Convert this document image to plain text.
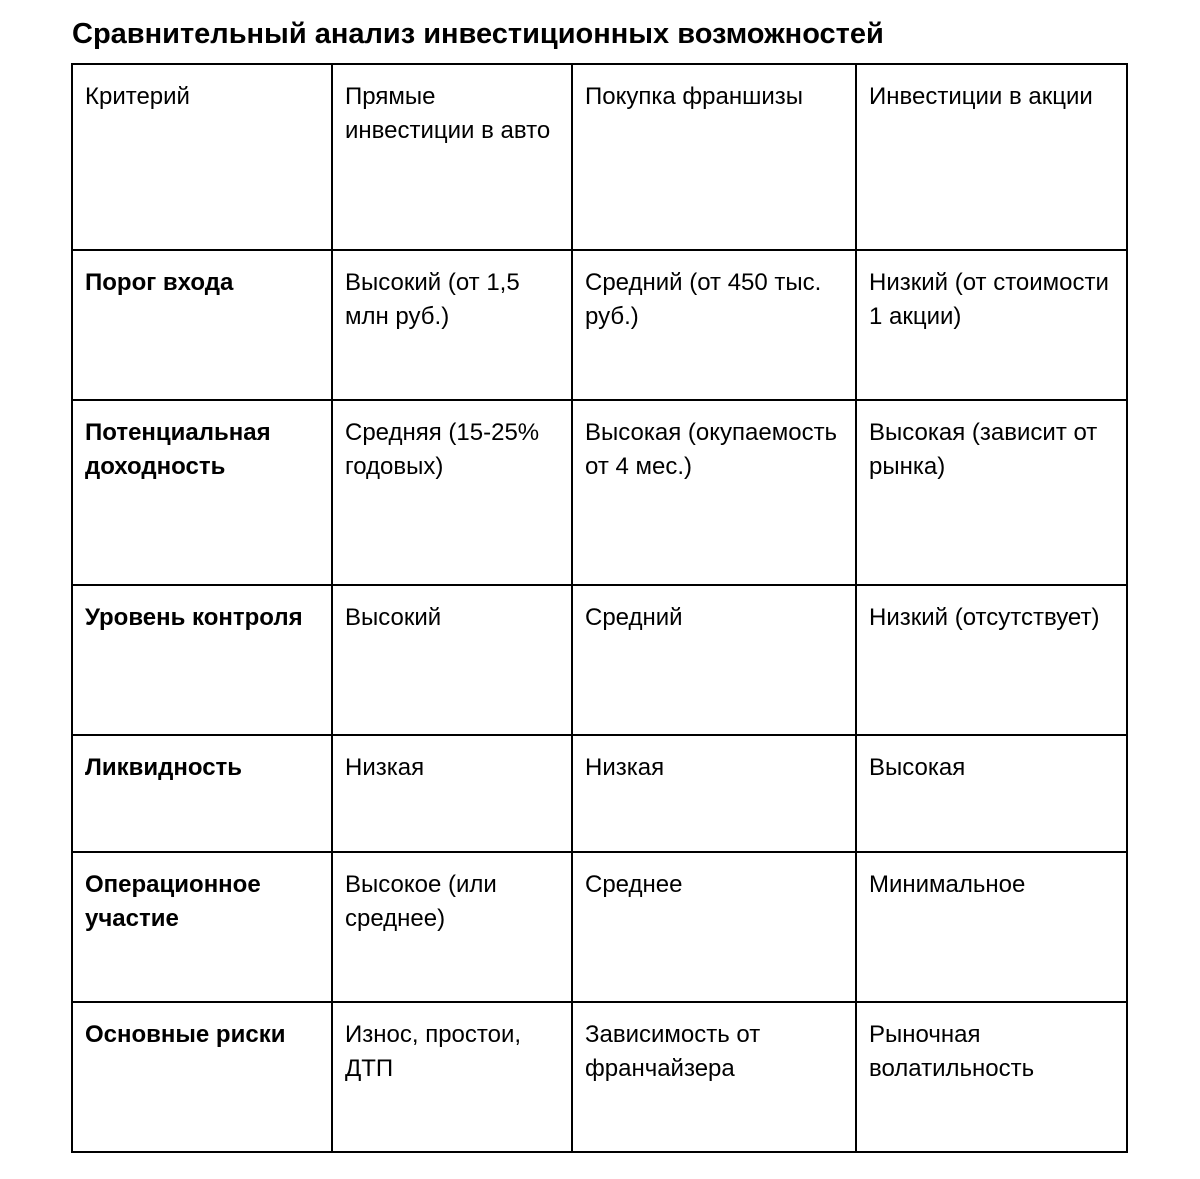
Сравнительный анализ инвестиционных возможностей
Критерий	Прямые инвестиции в авто	Покупка франшизы	Инвестиции в акции
Порог входа	Высокий (от 1,5 млн руб.)	Средний (от 450 тыс. руб.)	Низкий (от стоимости 1 акции)
Потенциальная доходность	Средняя (15-25% годовых)	Высокая (окупаемость от 4 мес.)	Высокая (зависит от рынка)
Уровень контроля	Высокий	Средний	Низкий (отсутствует)
Ликвидность	Низкая	Низкая	Высокая
Операционное участие	Высокое (или среднее)	Среднее	Минимальное
Основные риски	Износ, простои, ДТП	Зависимость от франчайзера	Рыночная волатильность
